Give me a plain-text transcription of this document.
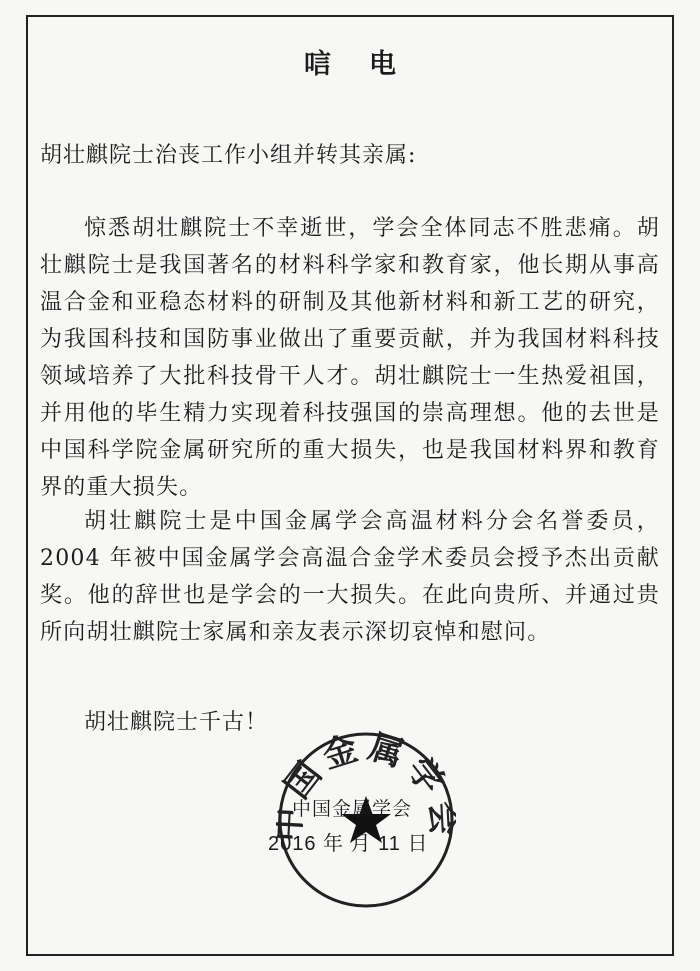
唁电
胡壮麒院士治丧工作小组并转其亲属:
惊悉胡壮麒院士不幸逝世，学会全体同志不胜悲痛。胡壮麒院士是我国著名的材料科学家和教育家，他长期从事高温合金和亚稳态材料的研制及其他新材料和新工艺的研究，为我国科技和国防事业做出了重要贡献，并为我国材料科技领域培养了大批科技骨干人才。胡壮麒院士一生热爱祖国，并用他的毕生精力实现着科技强国的崇高理想。他的去世是中国科学院金属研究所的重大损失，也是我国材料界和教育界的重大损失。
胡壮麒院士是中国金属学会高温材料分会名誉委员，2004 年被中国金属学会高温合金学术委员会授予杰出贡献奖。他的辞世也是学会的一大损失。在此向贵所、并通过贵所向胡壮麒院士家属和亲友表示深切哀悼和慰问。
胡壮麒院士千古！
国金属学
中国金属学会
2016 年 月 11 日
